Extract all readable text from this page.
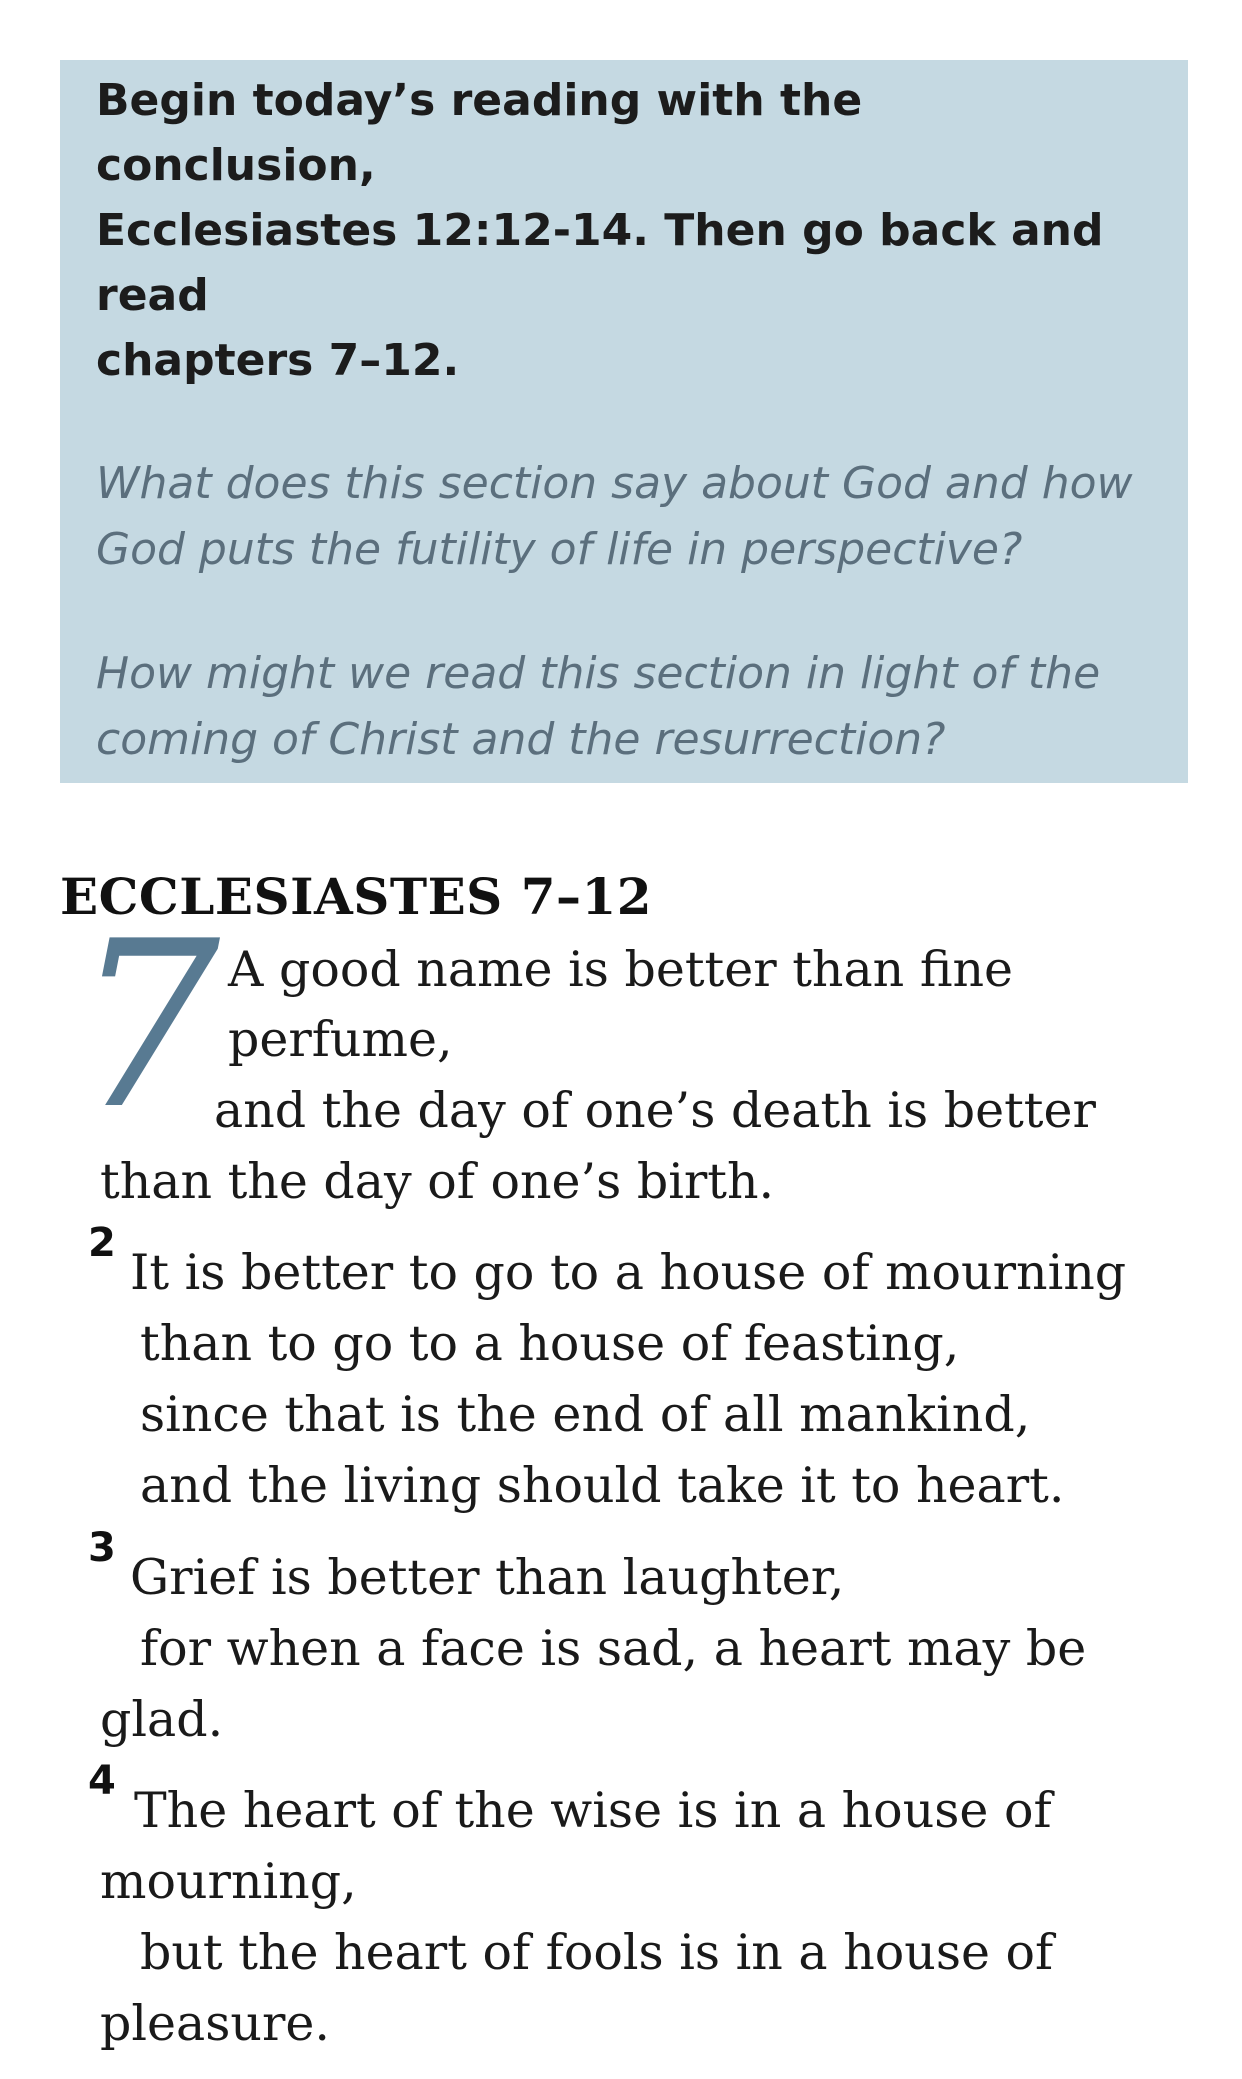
Begin today’s reading with the conclusion,

Ecclesiastes 12:12-14. Then go back and read

chapters 7–12.

What does this section say about God and how

God puts the futility of life in perspective?

How might we read this section in light of the

coming of Christ and the resurrection?

ECCLESIASTES 7–12
7 A good name is better than fine

perfume,

and the day of one’s death is better

than the day of one’s birth.

2

It is better to go to a house of mourning

than to go to a house of feasting,

since that is the end of all mankind,

and the living should take it to heart.

3

Grief is better than laughter,

for when a face is sad, a heart may be

glad.

4

The heart of the wise is in a house of

mourning,

but the heart of fools is in a house of

pleasure.
